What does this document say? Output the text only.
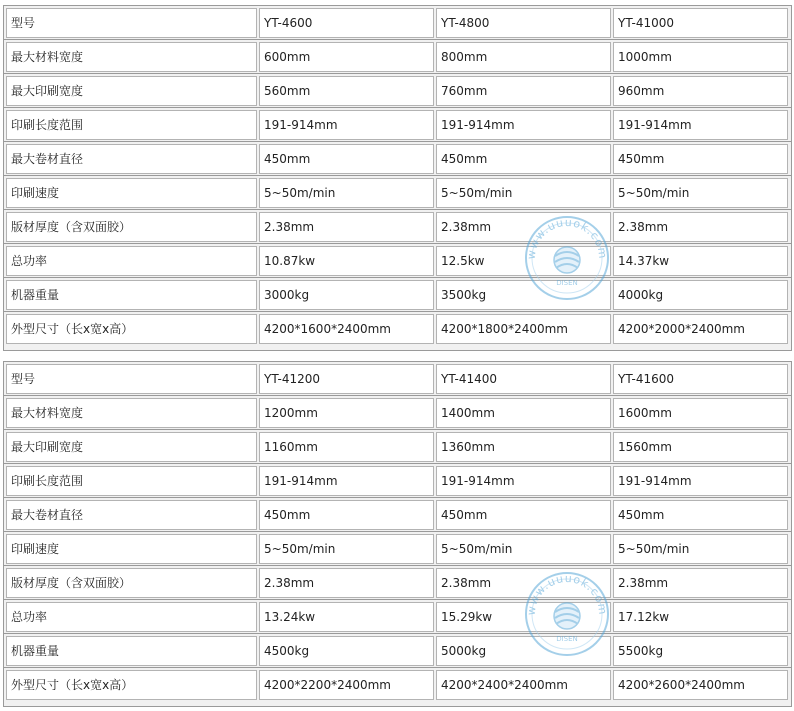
型号	YT-4600	YT-4800	YT-41000
最大材料宽度	600mm	800mm	1000mm
最大印刷宽度	560mm	760mm	960mm
印刷长度范围	191-914mm	191-914mm	191-914mm
最大卷材直径	450mm	450mm	450mm
印刷速度	5~50m/min	5~50m/min	5~50m/min
版材厚度（含双面胶）	2.38mm	2.38mm	2.38mm
总功率	10.87kw	12.5kw	14.37kw
机器重量	3000kg	3500kg	4000kg
外型尺寸（长x宽x高）	4200*1600*2400mm	4200*1800*2400mm	4200*2000*2400mm
型号	YT-41200	YT-41400	YT-41600
最大材料宽度	1200mm	1400mm	1600mm
最大印刷宽度	1160mm	1360mm	1560mm
印刷长度范围	191-914mm	191-914mm	191-914mm
最大卷材直径	450mm	450mm	450mm
印刷速度	5~50m/min	5~50m/min	5~50m/min
版材厚度（含双面胶）	2.38mm	2.38mm	2.38mm
总功率	13.24kw	15.29kw	17.12kw
机器重量	4500kg	5000kg	5500kg
外型尺寸（长x宽x高）	4200*2200*2400mm	4200*2400*2400mm	4200*2600*2400mm
www.uuuok.com
DISEN
www.uuuok.com
DISEN
